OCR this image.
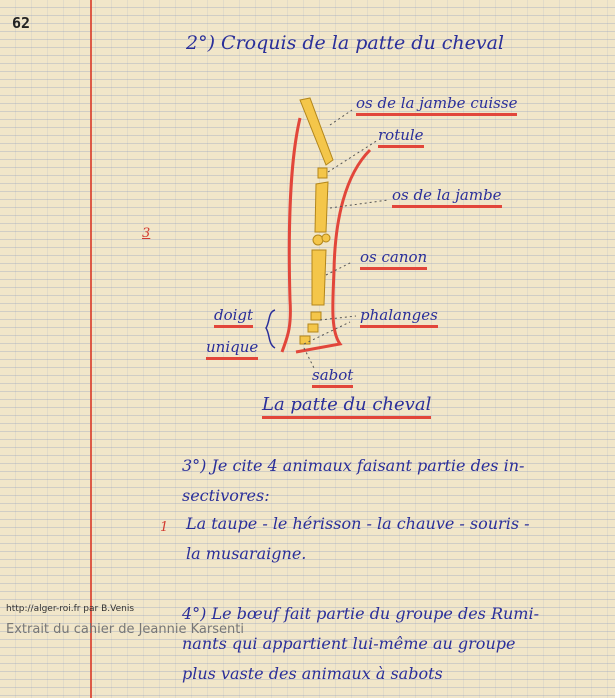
62
2°) Croquis de la patte du cheval
os de la jambe cuisse
rotule
os de la jambe
os canon
phalanges
doigt
unique
sabot
La patte du cheval
3
1
3°) Je cite 4 animaux faisant partie des in-
sectivores:
La taupe - le hérisson - la chauve - souris -
la musaraigne.
4°) Le bœuf fait partie du groupe des Rumi-
nants qui appartient lui-même au groupe
plus vaste des animaux à sabots
http://alger-roi.fr par B.Venis
Extrait du cahier de Jeannie Karsenti
